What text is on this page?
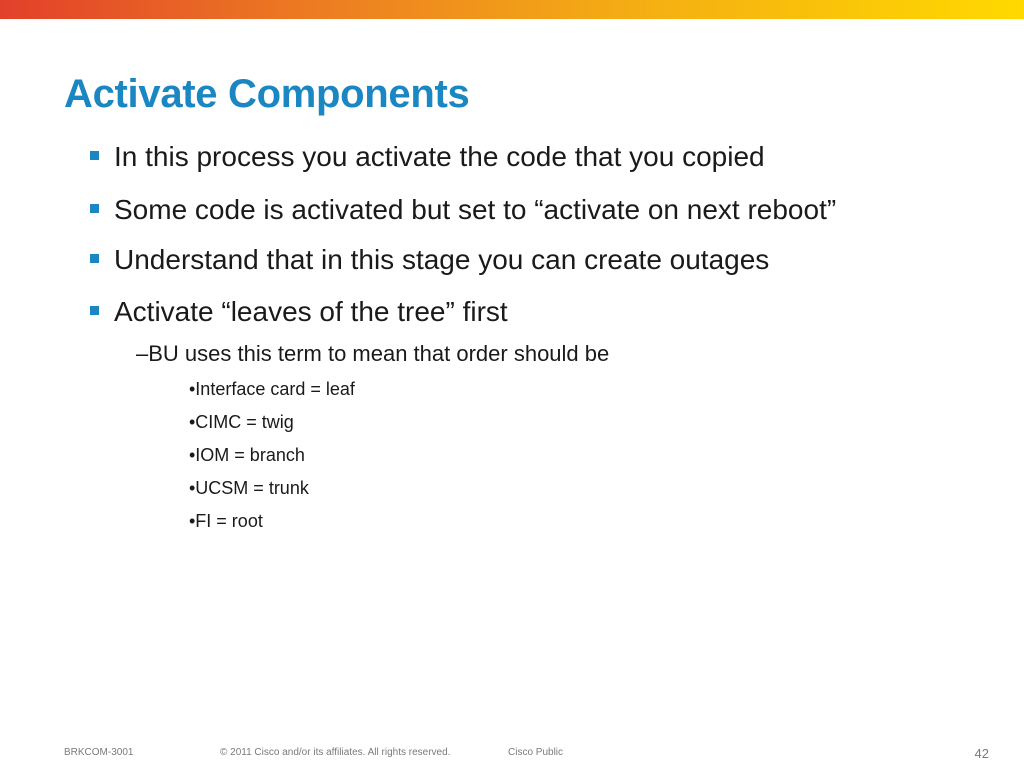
Activate Components
In this process you activate the code that you copied
Some code is activated but set to “activate on next reboot”
Understand that in this stage you can create outages
Activate “leaves of the tree” first
–BU uses this term to mean that order should be
•Interface card = leaf
•CIMC = twig
•IOM = branch
•UCSM = trunk
•FI = root
BRKCOM-3001	© 2011 Cisco and/or its affiliates. All rights reserved.	Cisco Public	42
